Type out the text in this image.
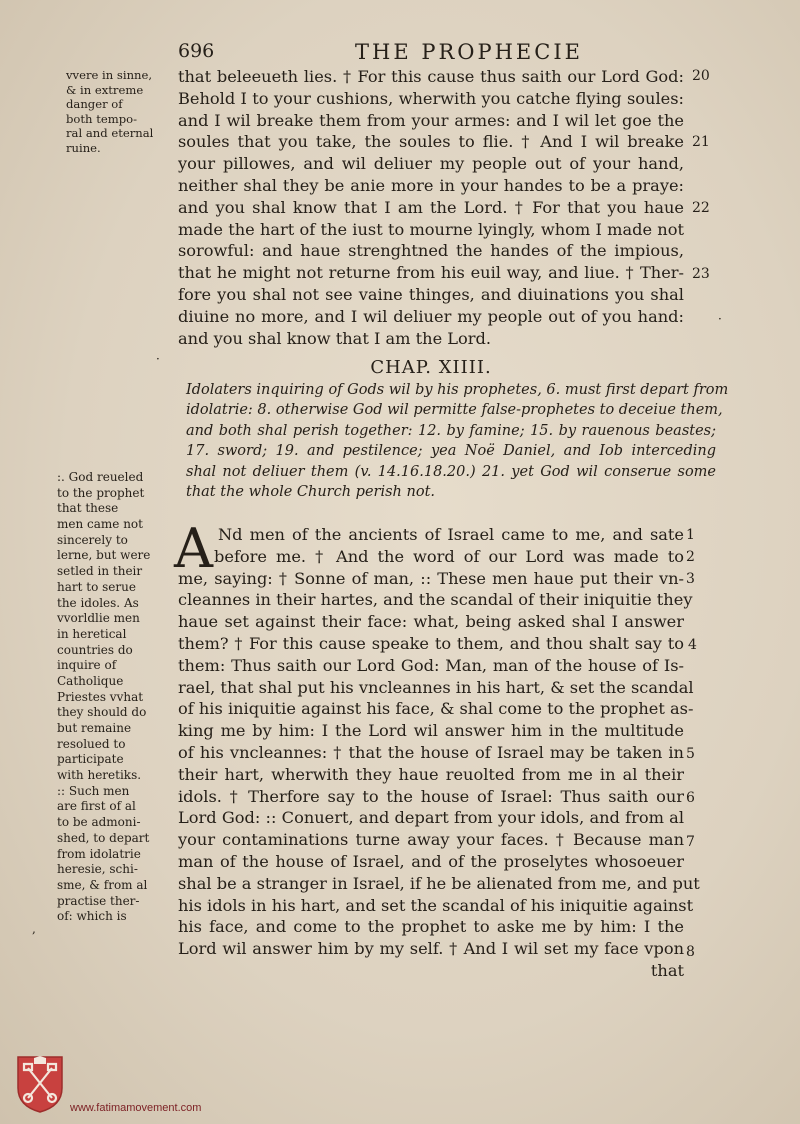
696	THE PROPHECIE
vvere in sinne,
& in extreme
danger of
both tempo-
ral and eternal
ruine.
that beleeueth lies. † For this cause thus saith our Lord God:
Behold I to your cushions, wherwith you catche flying soules:
and I wil breake them from your armes: and I wil let goe the
soules that you take, the soules to flie. † And I wil breake
your pillowes, and wil deliuer my people out of your hand,
neither shal they be anie more in your handes to be a praye:
and you shal know that I am the Lord. † For that you haue
made the hart of the iust to mourne lyingly, whom I made not
sorowful: and haue strenghtned the handes of the impious,
that he might not returne from his euil way, and liue. † Ther-
fore you shal not see vaine thinges, and diuinations you shal
diuine no more, and I wil deliuer my people out of you hand:
and you shal know that I am the Lord.
20
21
22
23
CHAP. XIIII.
Idolaters inquiring of Gods wil by his prophetes, 6. must first depart from
idolatrie: 8. otherwise God wil permitte false-prophetes to deceiue them,
and both shal perish together: 12. by famine; 15. by rauenous beastes;
17. sword; 19. and pestilence; yea Noë Daniel, and Iob interceding
shal not deliuer them (v. 14.16.18.20.) 21. yet God wil conserue some
that the whole Church perish not.
:. God reueled
to the prophet
that these
men came not
sincerely to
lerne, but were
setled in their
hart to serue
the idoles. As
vvorldlie men
in heretical
countries do
inquire of
Catholique
Priestes vvhat
they should do
but remaine
resolued to
participate
with heretiks.
:: Such men
are first of al
to be admoni-
shed, to depart
from idolatrie
heresie, schi-
sme, & from al
practise ther-
of: which is
A Nd men of the ancients of Israel came to me, and sate
before me. † And the word of our Lord was made to
me, saying: † Sonne of man, :: These men haue put their vn-
cleannes in their hartes, and the scandal of their iniquitie they
haue set against their face: what, being asked shal I answer
them? † For this cause speake to them, and thou shalt say to
them: Thus saith our Lord God: Man, man of the house of Is-
rael, that shal put his vncleannes in his hart, & set the scandal
of his iniquitie against his face, & shal come to the prophet as-
king me by him: I the Lord wil answer him in the multitude
of his vncleannes: † that the house of Israel may be taken in
their hart, wherwith they haue reuolted from me in al their
idols. † Therfore say to the house of Israel: Thus saith our
Lord God: :: Conuert, and depart from your idols, and from al
your contaminations turne away your faces. † Because man
man of the house of Israel, and of the proselytes whosoeuer
shal be a stranger in Israel, if he be alienated from me, and put
his idols in his hart, and set the scandal of his iniquitie against
his face, and come to the prophet to aske me by him: I the
Lord wil answer him by my self. † And I wil set my face vpon
that
1
2
3
4
5
6
7
8
·
·
,
www.fatimamovement.com
